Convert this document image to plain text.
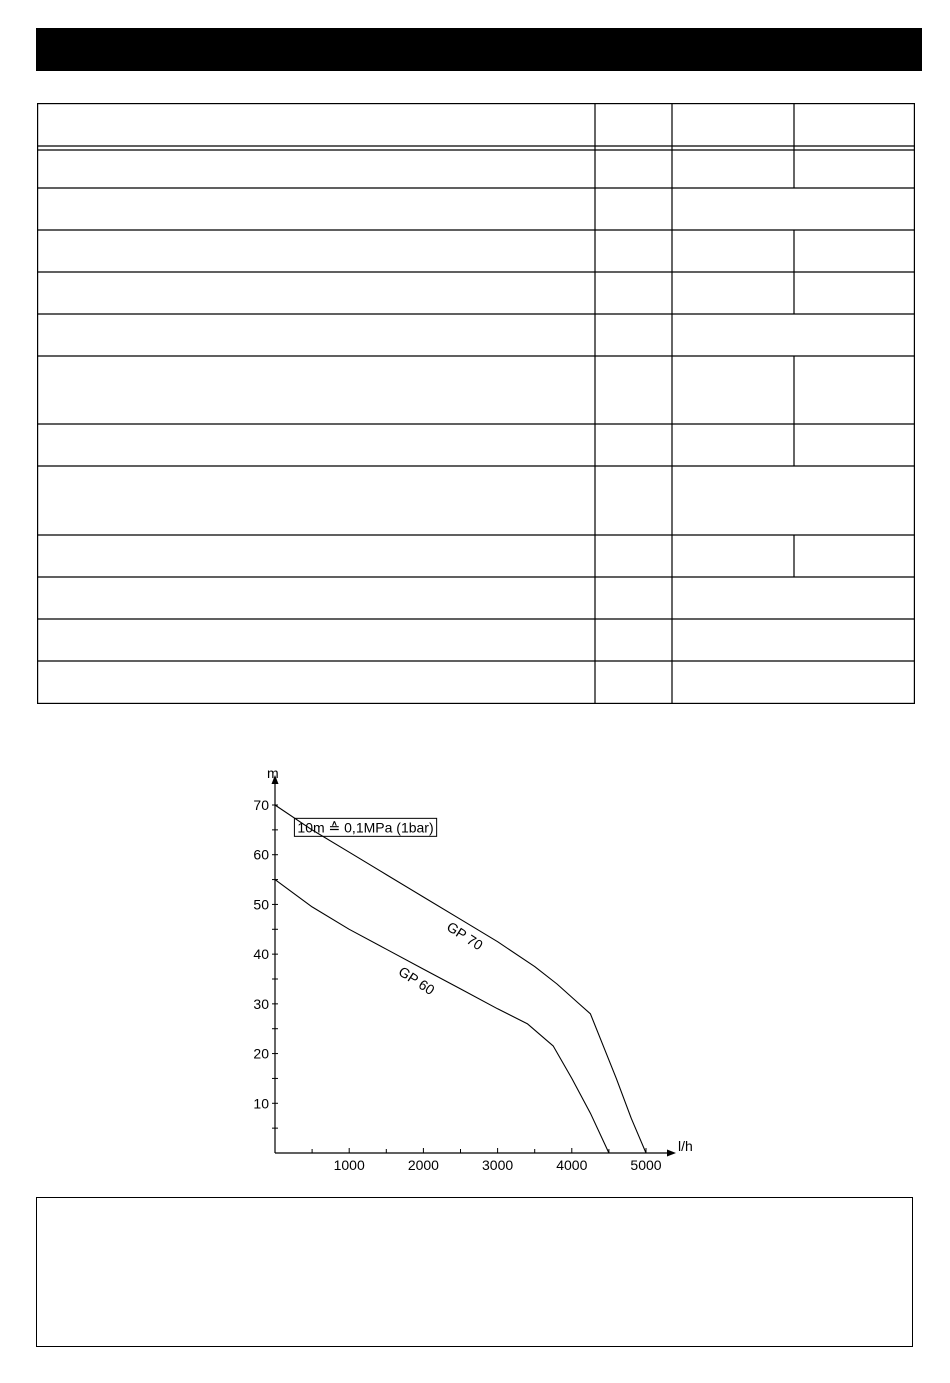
l/h
m
1000	2000	3000	4000	5000
10
20
30
40
50
60
70
GP 70
GP 60
10m ≙ 0,1MPa (1bar)
